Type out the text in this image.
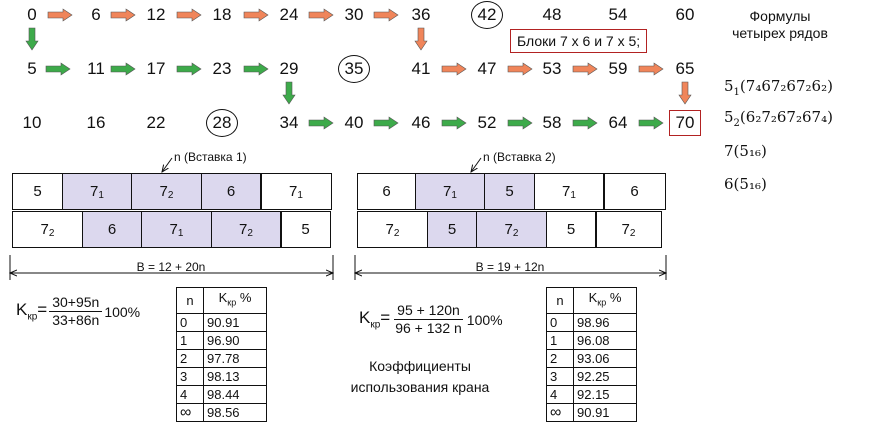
0	6	12	18	24	30	36	42	48	54	60
5	11 17	23	29	35	41	47	53	59	65
10	16 22	28	34	40	46	52	58	64	70
Блоки 7 х 6 и 7 х 5;
Формулы
четырех рядов
$5_1(7_467_267_26_2)$
$5_2(6_27_267_267_4)$
7(5₁₆)
6(5₁₆)
n (Вставка 1)	n (Вставка 2)
5	$7_1$	$7_2$	6	$7_1$
$7_2$	6	$7_1$	$7_2$	5
6	$7_1$	5	$7_1$	6
$7_2$	5	$7_2$	5	$7_2$
B = 12 + 20n	B = 19 + 12n
$K_{кр}= \frac{30+95n}{33+86n} 100\%$	$K_{кр}= \frac{95 + 120n}{96 + 132 n} 100\%$
n	$K_{кр}$ %
0	90.91
1	96.90
2	97.78
3	98.13
4	98.44
∞	98.56
n	$K_{кр}$ %
0	98.96
1	96.08
2	93.06
3	92.25
4	92.15
∞	90.91
Коэффициенты
использования крана
